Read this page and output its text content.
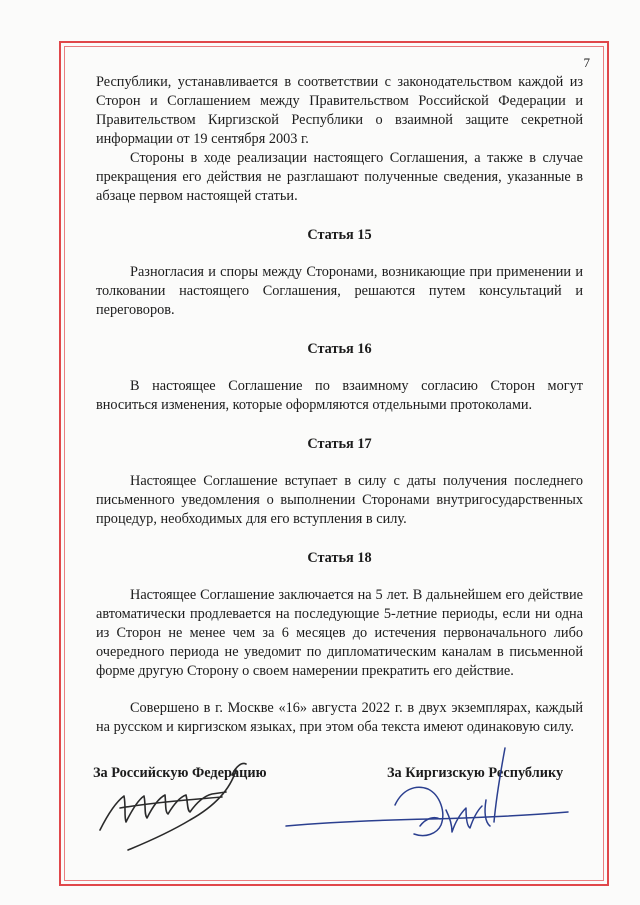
7

Республики, устанавливается в соответствии с законодательством каждой из Сторон и Соглашением между Правительством Российской Федерации и Правительством Киргизской Республики о взаимной защите секретной информации от 19 сентября 2003 г.

Стороны в ходе реализации настоящего Соглашения, а также в случае прекращения его действия не разглашают полученные сведения, указанные в абзаце первом настоящей статьи.

Статья 15

Разногласия и споры между Сторонами, возникающие при применении и толковании настоящего Соглашения, решаются путем консультаций и переговоров.

Статья 16

В настоящее Соглашение по взаимному согласию Сторон могут вноситься изменения, которые оформляются отдельными протоколами.

Статья 17

Настоящее Соглашение вступает в силу с даты получения последнего письменного уведомления о выполнении Сторонами внутригосударственных процедур, необходимых для его вступления в силу.

Статья 18

Настоящее Соглашение заключается на 5 лет. В дальнейшем его действие автоматически продлевается на последующие 5-летние периоды, если ни одна из Сторон не менее чем за 6 месяцев до истечения первоначального либо очередного периода не уведомит по дипломатическим каналам в письменной форме другую Сторону о своем намерении прекратить его действие.

Совершено в г. Москве «16» августа 2022 г. в двух экземплярах, каждый на русском и киргизском языках, при этом оба текста имеют одинаковую силу.

За Российскую Федерацию	За Киргизскую Республику
